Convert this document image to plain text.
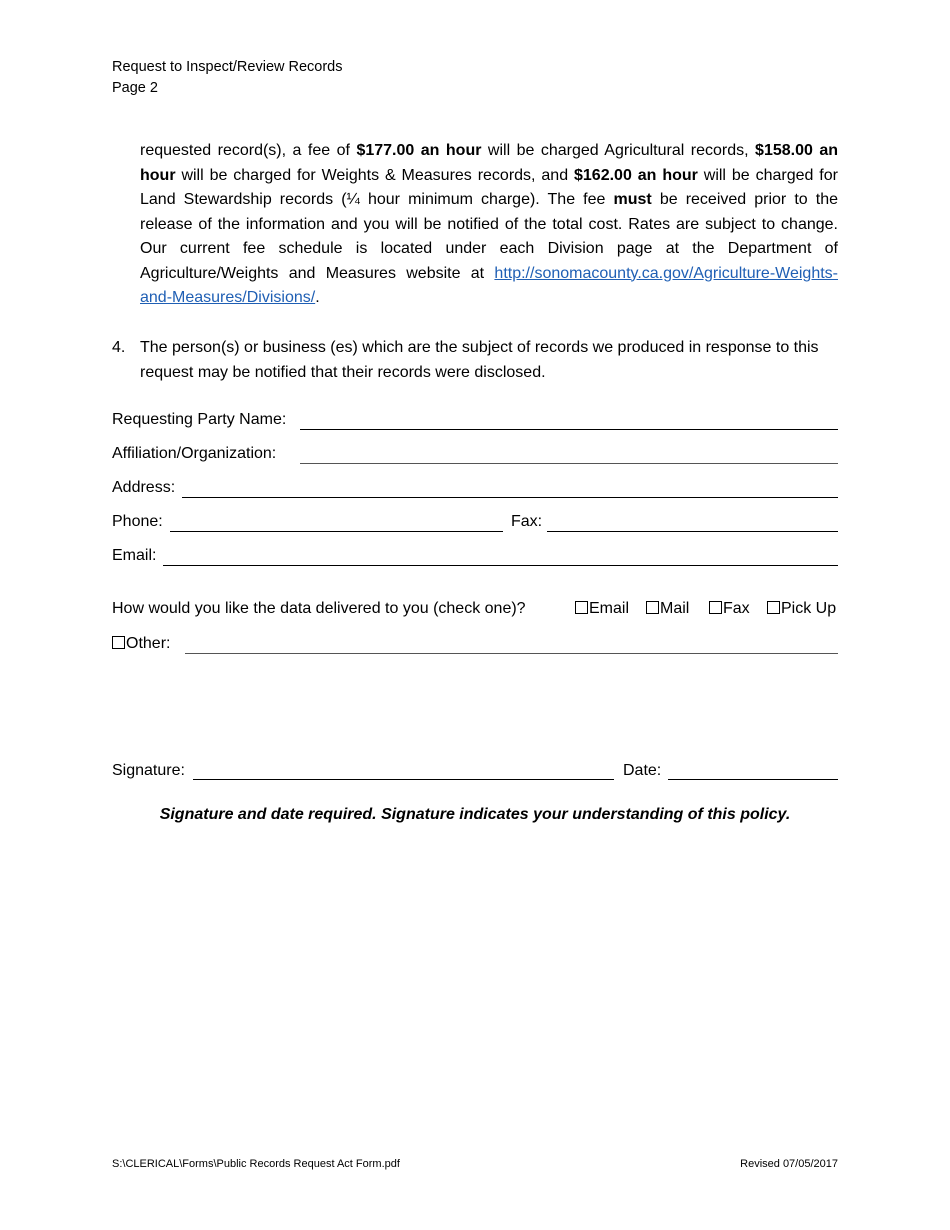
Request to Inspect/Review Records
Page 2
requested record(s), a fee of $177.00 an hour will be charged Agricultural records, $158.00 an hour will be charged for Weights & Measures records, and $162.00 an hour will be charged for Land Stewardship records (¼ hour minimum charge). The fee must be received prior to the release of the information and you will be notified of the total cost. Rates are subject to change. Our current fee schedule is located under each Division page at the Department of Agriculture/Weights and Measures website at http://sonomacounty.ca.gov/Agriculture-Weights-and-Measures/Divisions/.
4. The person(s) or business (es) which are the subject of records we produced in response to this request may be notified that their records were disclosed.
Requesting Party Name:
Affiliation/Organization:
Address:
Phone:	Fax:
Email:
How would you like the data delivered to you (check one)?	Email	Mail	Fax	Pick Up
Other:
Signature:	Date:
Signature and date required. Signature indicates your understanding of this policy.
S:\CLERICAL\Forms\Public Records Request Act Form.pdf	Revised 07/05/2017
